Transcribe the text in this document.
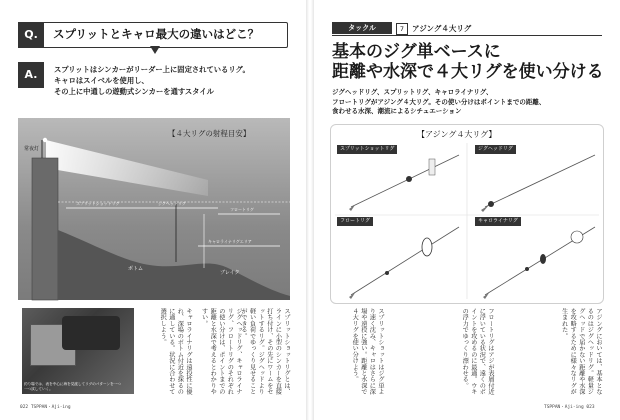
Q.	スプリットとキャロ最大の違いはどこ？
A.	スプリットはシンカーがリーダー上に固定されているリグ。
キャロはスイベルを使用し、
その上に中通しの遊動式シンカーを通すスタイル
【４大リグの射程目安】
常夜灯
スプリットショットリグ	ジグヘッドリグ
フロートリグ
キャロライナリグエリア
ボトム
ブレイク
釣り場では、表を中心に海を見渡してリグのパターンを一つ一つ試していく。	スプリットショットリグとは、ラインに小型のシンカーを直接打ち付け、その先にワームをセットするリグ。ジグヘッドより軽い負荷でゆっくり見せることができる。
ジグヘッドリグ、キャロライナリグ、フロートリグのそれぞれの使い分けは、ポイントまでの距離と水深で考えるとわかりやすい。
キャロライナリグは遠投性に優れ、深場のボトム付近を探るのに適している。状況に合わせて選択しよう。
022 TSPPAN・Aji-ing
タックル	7	アジング４大リグ
基本のジグ単ベースに
距離や水深で４大リグを使い分ける
ジグヘッドリグ、スプリットリグ、キャロライナリグ、
フロートリグがアジング４大リグ。その使い分けはポイントまでの距離、
食わせる水深、潮流によるシチュエーション
【アジング４大リグ】
スプリットショットリグ	ジグヘッドリグ
フロートリグ	キャロライナリグ
アジングにおいては、基本となるのはジグヘッドリグ。軽量ジグヘッドで届かない距離や水深を攻略するために様々なリグが生まれた。
フロートリグはアジが表層付近に浮いている状況で、遠くのポイントを攻めるのに最適。ウキの浮力でゆっくり漂わせる。
スプリットショットはジグ単より速く沈み、キャロはさらに深場や遠投に強い。距離と水深で４大リグを使い分けよう。
TSPPAN・Aji-ing 023
